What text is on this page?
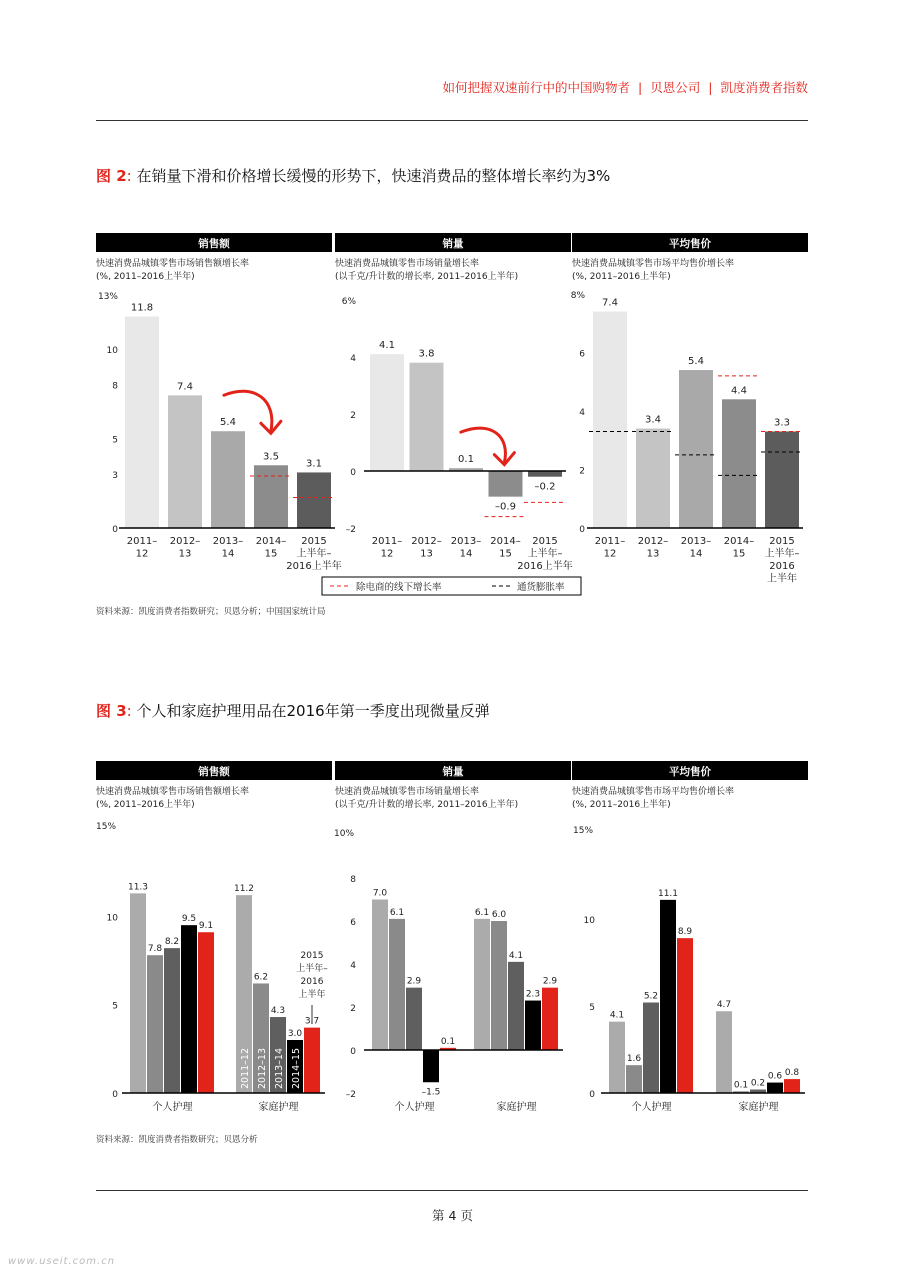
如何把握双速前行中的中国购物者 | 贝恩公司 | 凯度消费者指数
图 2: 在销量下滑和价格增长缓慢的形势下，快速消费品的整体增长率约为3%
图 3: 个人和家庭护理用品在2016年第一季度出现微量反弹
资料来源：凯度消费者指数研究；贝恩分析；中国国家统计局
资料来源：凯度消费者指数研究；贝恩分析
第 4 页
www.useit.com.cn
销售额
快速消费品城镇零售市场销售额增长率
(%, 2011–2016上半年)
0
3
5
8
10
13%
11.8
2011–
12
7.4
2012–
13
5.4
2013–
14
3.5
2014–
15
3.1
2015
上半年–
2016上半年
销量
快速消费品城镇零售市场销量增长率
(以千克/升计数的增长率, 2011–2016上半年)
–2
0
2
4
6%
4.1
2011–
12
3.8
2012–
13
0.1
2013–
14
–0.9
2014–
15
–0.2
2015
上半年–
2016上半年
平均售价
快速消费品城镇零售市场平均售价增长率
(%, 2011–2016上半年)
0
2
4
6
8%
7.4
2011–
12
3.4
2012–
13
5.4
2013–
14
4.4
2014–
15
3.3
2015
上半年–
2016
上半年
除电商的线下增长率	通货膨胀率
销售额
快速消费品城镇零售市场销售额增长率
(%, 2011–2016上半年)
0
5
10
15%
11.3
7.8
8.2
9.5
9.1
个人护理
3.7
家庭护理
2011–12
11.2
2012–13
6.2
2013–14
4.3
2014–15
3.0
2015
上半年–
2016
上半年
销量
快速消费品城镇零售市场销量增长率
(以千克/升计数的增长率, 2011–2016上半年)
–2
0
2
4
6
8
10%
7.0
6.1
2.9
–1.5
0.1
个人护理
6.1 6.0
4.1
2.3
2.9
家庭护理
平均售价
快速消费品城镇零售市场平均售价增长率
(%, 2011–2016上半年)
0
5
10
15%
4.1
1.6
5.2
11.1
8.9
个人护理
4.7
0.1 0.2
0.6 0.8
家庭护理
